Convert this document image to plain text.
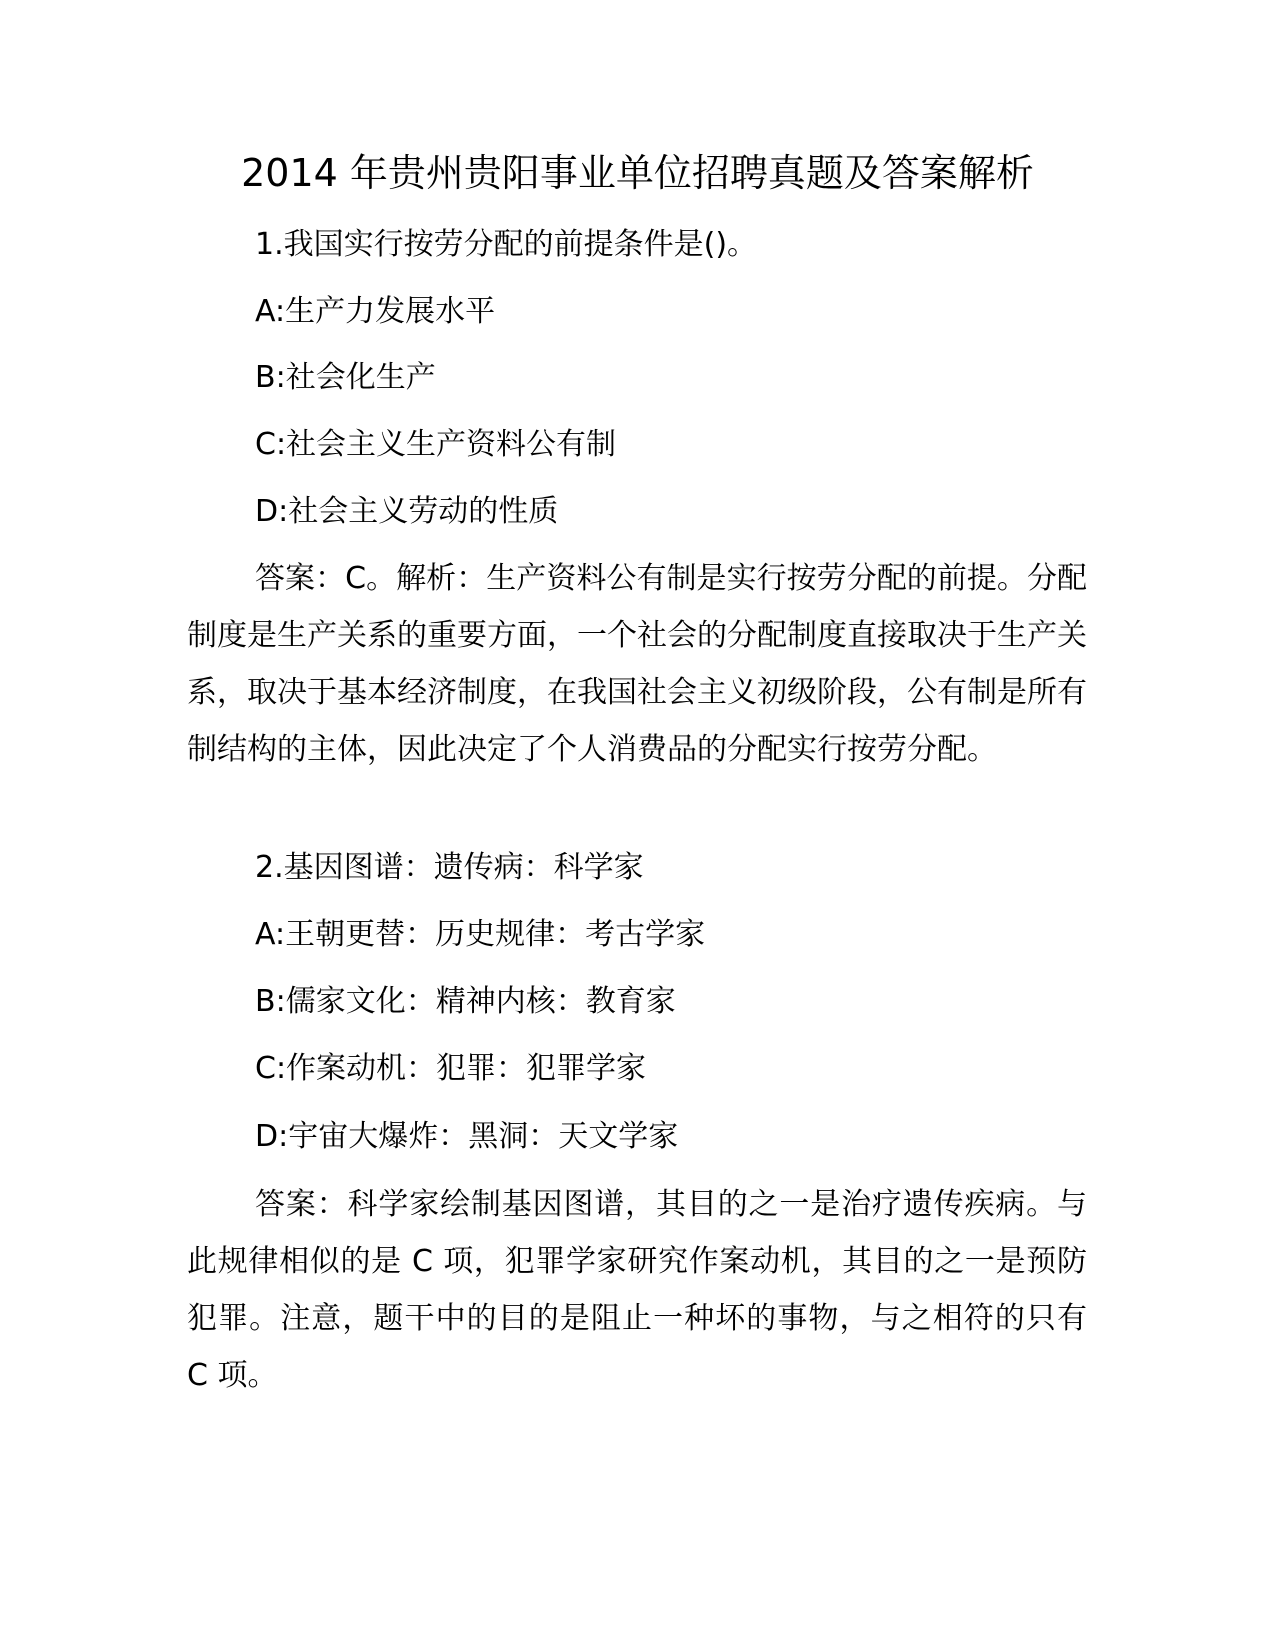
2014 年贵州贵阳事业单位招聘真题及答案解析
1.我国实行按劳分配的前提条件是()。
A:生产力发展水平
B:社会化生产
C:社会主义生产资料公有制
D:社会主义劳动的性质
答案：C。解析：生产资料公有制是实行按劳分配的前提。分配制度是生产关系的重要方面，一个社会的分配制度直接取决于生产关系，取决于基本经济制度，在我国社会主义初级阶段，公有制是所有制结构的主体，因此决定了个人消费品的分配实行按劳分配。
2.基因图谱：遗传病：科学家
A:王朝更替：历史规律：考古学家
B:儒家文化：精神内核：教育家
C:作案动机：犯罪：犯罪学家
D:宇宙大爆炸：黑洞：天文学家
答案：科学家绘制基因图谱，其目的之一是治疗遗传疾病。与此规律相似的是 C 项，犯罪学家研究作案动机，其目的之一是预防犯罪。注意，题干中的目的是阻止一种坏的事物，与之相符的只有 C 项。
